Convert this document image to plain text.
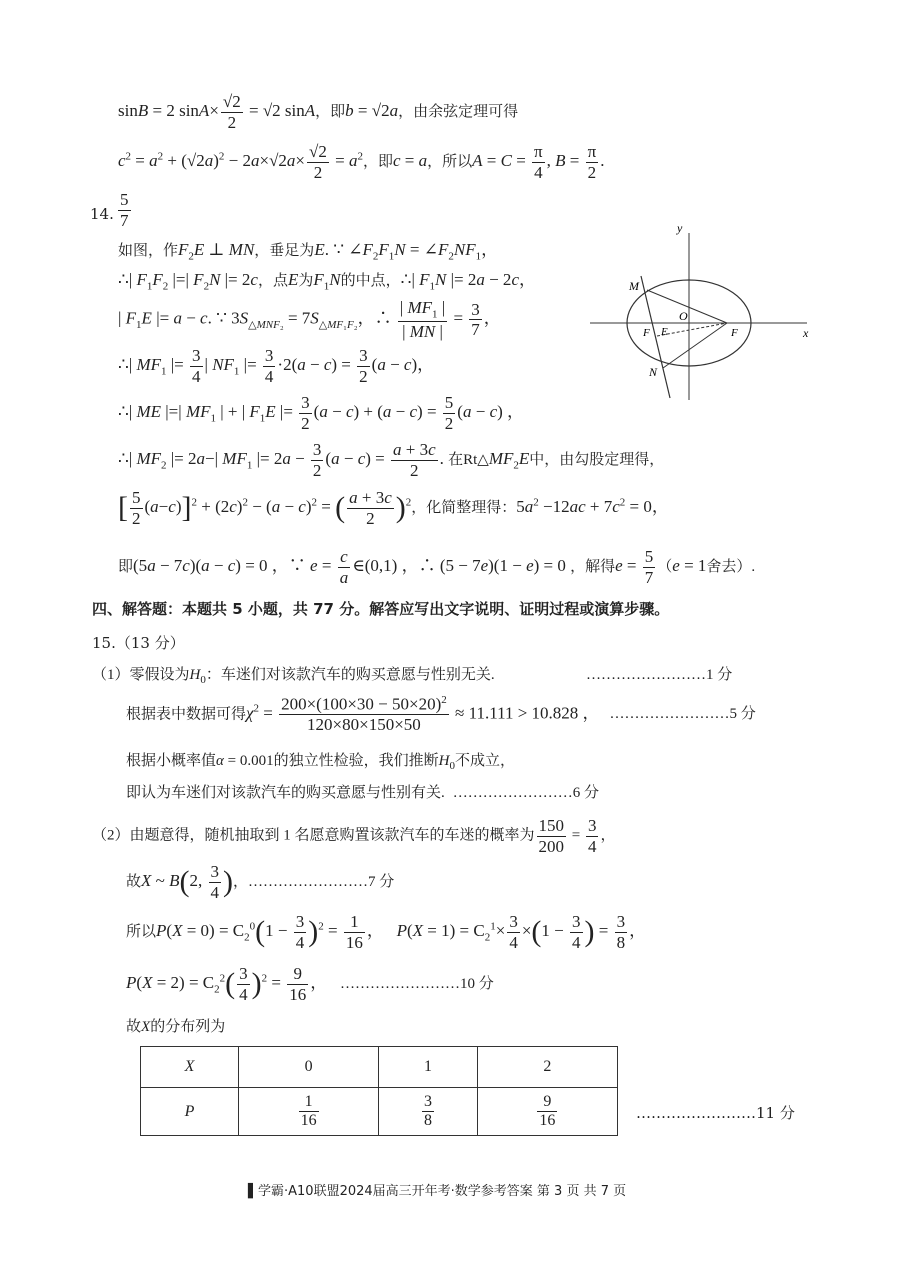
sinB = 2 $\sin A\times \frac{√2}{2} = √2$ sinA，即b = √2a，由余弦定理可得
$c^2 = a^2 + (√2a)^2 - 2a\times√2a\times \frac{√2}{2} = a^2$，即c = a，所以$A = C = \frac{\pi}{4}$ , $B = \frac{\pi}{2}$ .
14. $\frac{5}{7}$
如图，作$F_2E$ ⊥ MN，垂足为E. ∵ $\angle F_2F_1N$ = $\angle F_2NF_1$，
∴| $F_1F_2$ |=| $F_2N$ |= 2c，点E为$F_1N$的中点，∴| $F_1N$ |= 2a − 2c，
| $F_1E$ |= a − c. ∵ $3S_{\triangle MNF_2} = 7S_{\triangle MF_1F_2}$，∴ $\frac{| MF_1 |}{| MN |} = \frac{3}{7}$ ，
∴| $MF_1$ |= $\frac{3}{4}$ | $NF_1$ |= $\frac{3}{4} \cdot 2(a - c) = \frac{3}{2} (a - c)$，
∴| ME |=| $MF_1$ | + | $F_1E$ |= $\frac{3}{2} (a - c) + (a - c) = \frac{5}{2} (a - c)$ ，
∴| $MF_2$ |= 2a−| $MF_1$ |= $2a - \frac{3}{2} (a - c) = \frac{a + 3c}{2}$ . 在$Rt\triangle MF_2E$中，由勾股定理得，
[ $\frac{5}{2} (a-c)]^2 + (2c)^2 - (a - c)^2$ = ( $\frac{a + 3c}{2} )^2$，化简整理得：$5a^2 -12ac + 7c^2 = 0$，
即(5a − 7c)(a − c) = 0 ，∵ $e = \frac{c}{a}$ ∈(0,1) ，∴ (5 − 7e)(1 − e) = 0 ，解得$e = \frac{5}{7} (e = 1$舍去）.
y
x
M
O
E
F	F
N
四、解答题：本题共 5 小题，共 77 分。解答应写出文字说明、证明过程或演算步骤。
15.（13 分）
（1）零假设为$H_0$：车迷们对该款汽车的购买意愿与性别无关.	……………………1 分
根据表中数据可得$\chi^2 = \frac{200\times(100\times 30 - 50\times 20)^2}{120\times 80\times 150\times 50} \approx 11.111 > 10.828$ ， ……………………5 分
根据小概率值α = 0.001的独立性检验，我们推断$H_0$不成立，
即认为车迷们对该款汽车的购买意愿与性别有关. ……………………6 分
（2）由题意得，随机抽取到 1 名愿意购置该款汽车的车迷的概率为 $\frac{150}{200} = \frac{3}{4}$ ，
故X ~ B(2, $\frac{3}{4}$ )，……………………7 分
所以$P(X = 0) = C_2^0(1 - \frac{3}{4} )^2 = \frac{1}{16}$ ，   $P(X = 1) = C_2^1\times \frac{3}{4} \times(1 - \frac{3}{4}$ ) = $\frac{3}{8}$ ，
$P(X = 2) = C_2^2( \frac{3}{4} )^2 = \frac{9}{16}$ ，   ……………………10 分
故X的分布列为
X	0	1	2
P	$\frac{1}{16}$	$\frac{3}{8}$	$\frac{9}{16}$	……………………11 分
▌学霸·A10联盟2024届高三开年考·数学参考答案 第 3 页 共 7 页
